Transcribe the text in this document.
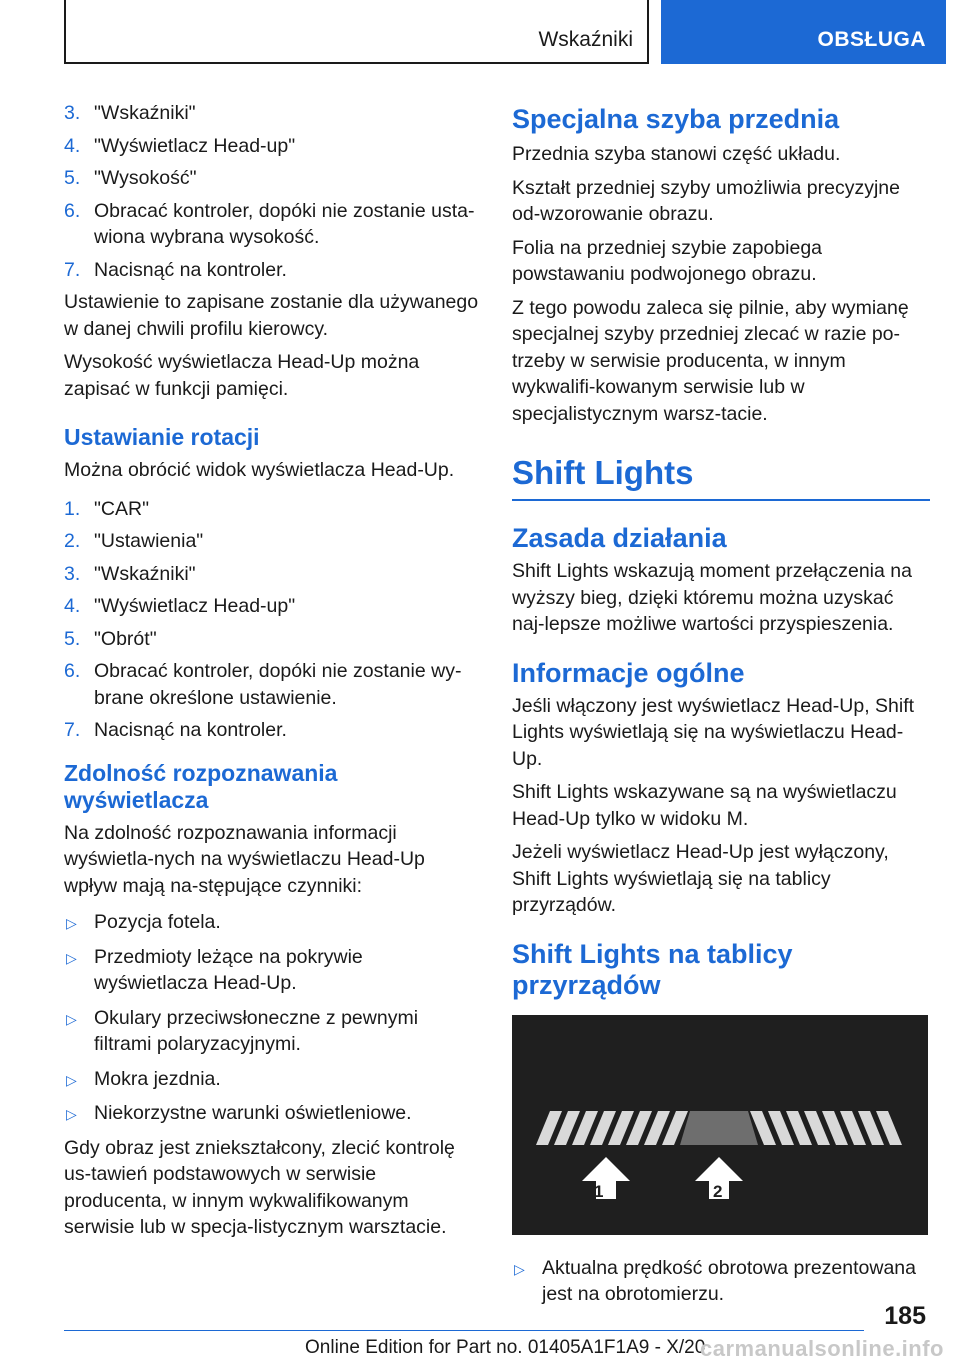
Wskaźniki	OBSŁUGA
3. "Wskaźniki"
4. "Wyświetlacz Head-up"
5. "Wysokość"
6. Obracać kontroler, dopóki nie zostanie usta-
wiona wybrana wysokość.
7. Nacisnąć na kontroler.

Ustawienie to zapisane zostanie dla używanego w danej chwili profilu kierowcy.

Wysokość wyświetlacza Head-Up można zapisać w funkcji pamięci.

Ustawianie rotacji

Można obrócić widok wyświetlacza Head-Up.

1. "CAR"
2. "Ustawienia"
3. "Wskaźniki"
4. "Wyświetlacz Head-up"
5. "Obrót"
6. Obracać kontroler, dopóki nie zostanie wy-
brane określone ustawienie.
7. Nacisnąć na kontroler.
Zdolność rozpoznawania wyświetlacza

Na zdolność rozpoznawania informacji wyświetla-nych na wyświetlaczu Head-Up wpływ mają na-stępujące czynniki:

▷ Pozycja fotela.
▷ Przedmioty leżące na pokrywie wyświetlacza Head-Up.
▷ Okulary przeciwsłoneczne z pewnymi filtrami polaryzacyjnymi.
▷ Mokra jezdnia.
▷ Niekorzystne warunki oświetleniowe.

Gdy obraz jest zniekształcony, zlecić kontrolę us-tawień podstawowych w serwisie producenta, w innym wykwalifikowanym serwisie lub w specja-listycznym warsztacie.

Specjalna szyba przednia

Przednia szyba stanowi część układu.

Kształt przedniej szyby umożliwia precyzyjne od-wzorowanie obrazu.

Folia na przedniej szybie zapobiega powstawaniu podwojonego obrazu.

Z tego powodu zaleca się pilnie, aby wymianę specjalnej szyby przedniej zlecać w razie po-trzeby w serwisie producenta, w innym wykwalifi-kowanym serwisie lub w specjalistycznym warsz-tacie.

Shift Lights
Zasada działania

Shift Lights wskazują moment przełączenia na wyższy bieg, dzięki któremu można uzyskać naj-lepsze możliwe wartości przyspieszenia.

Informacje ogólne

Jeśli włączony jest wyświetlacz Head-Up, Shift Lights wyświetlają się na wyświetlaczu Head-Up.

Shift Lights wskazywane są na wyświetlaczu Head-Up tylko w widoku M.

Jeżeli wyświetlacz Head-Up jest wyłączony, Shift Lights wyświetlają się na tablicy przyrządów.

Shift Lights na tablicy przyrządów
1	2
▷ Aktualna prędkość obrotowa prezentowana jest na obrotomierzu.
185
Online Edition for Part no. 01405A1F1A9 - X/20
carmanualsonline.info
